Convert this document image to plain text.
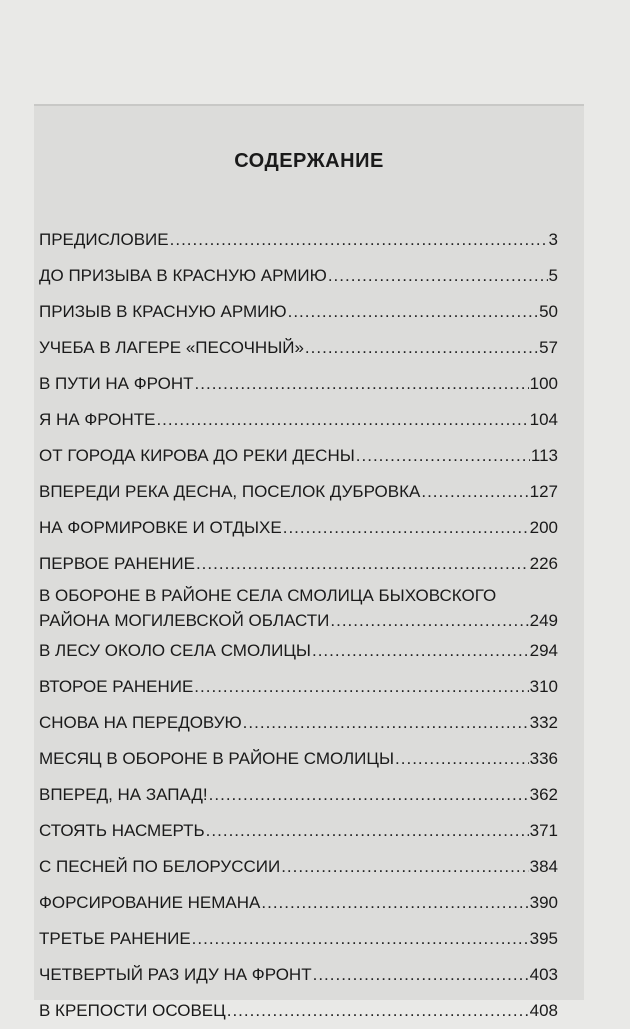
СОДЕРЖАНИЕ
ПРЕДИСЛОВИЕ .....	3
ДО ПРИЗЫВА В КРАСНУЮ АРМИЮ .....	5
ПРИЗЫВ В КРАСНУЮ АРМИЮ .....	50
УЧЕБА В ЛАГЕРЕ «ПЕСОЧНЫЙ» .....	57
В ПУТИ НА ФРОНТ .....	100
Я НА ФРОНТЕ .....	104
ОТ ГОРОДА КИРОВА ДО РЕКИ ДЕСНЫ .....	113
ВПЕРЕДИ РЕКА ДЕСНА, ПОСЕЛОК ДУБРОВКА .....	127
НА ФОРМИРОВКЕ И ОТДЫХЕ .....	200
ПЕРВОЕ РАНЕНИЕ .....	226
В ОБОРОНЕ В РАЙОНЕ СЕЛА СМОЛИЦА БЫХОВСКОГО
РАЙОНА МОГИЛЕВСКОЙ ОБЛАСТИ .....	249
В ЛЕСУ ОКОЛО СЕЛА СМОЛИЦЫ .....	294
ВТОРОЕ РАНЕНИЕ .....	310
СНОВА НА ПЕРЕДОВУЮ .....	332
МЕСЯЦ В ОБОРОНЕ В РАЙОНЕ СМОЛИЦЫ .....	336
ВПЕРЕД, НА ЗАПАД! .....	362
СТОЯТЬ НАСМЕРТЬ .....	371
С ПЕСНЕЙ ПО БЕЛОРУССИИ .....	384
ФОРСИРОВАНИЕ НЕМАНА .....	390
ТРЕТЬЕ РАНЕНИЕ .....	395
ЧЕТВЕРТЫЙ РАЗ ИДУ НА ФРОНТ .....	403
В КРЕПОСТИ ОСОВЕЦ .....	408
